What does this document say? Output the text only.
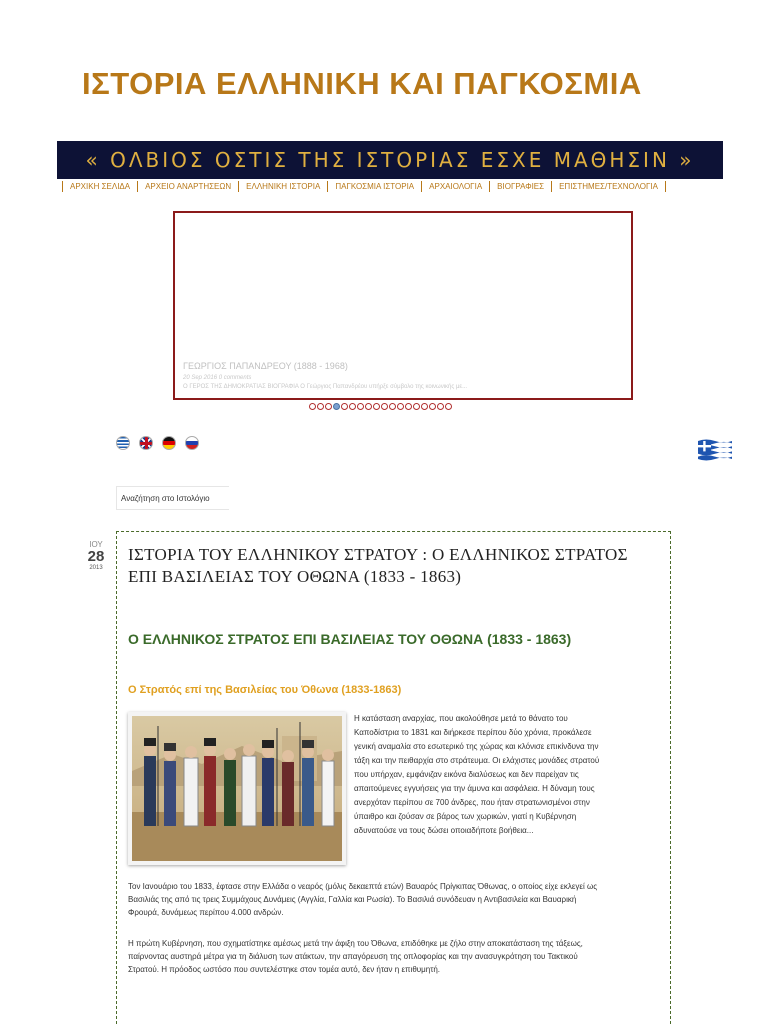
ΙΣΤΟΡΙΑ ΕΛΛΗΝΙΚΗ ΚΑΙ ΠΑΓΚΟΣΜΙΑ
« ΟΛΒΙΟΣ ΟΣΤΙΣ ΤΗΣ ΙΣΤΟΡΙΑΣ ΕΣΧΕ ΜΑΘΗΣΙΝ »
ΑΡΧΙΚΗ ΣΕΛΙΔΑ	ΑΡΧΕΙΟ ΑΝΑΡΤΗΣΕΩΝ	ΕΛΛΗΝΙΚΗ ΙΣΤΟΡΙΑ	ΠΑΓΚΟΣΜΙΑ ΙΣΤΟΡΙΑ	ΑΡΧΑΙΟΛΟΓΙΑ	ΒΙΟΓΡΑΦΙΕΣ	ΕΠΙΣΤΗΜΕΣ/ΤΕΧΝΟΛΟΓΙΑ
ΓΕΩΡΓΙΟΣ ΠΑΠΑΝΔΡΕΟΥ (1888 - 1968)
20 Sep 2016 0 comments
Ο ΓΕΡΟΣ ΤΗΣ ΔΗΜΟΚΡΑΤΙΑΣ ΒΙΟΓΡΑΦΙΑ Ο Γεώργιος Παπανδρέου υπήρξε σύμβολο της κοινωνικής με...
Αναζήτηση στο Ιστολόγιο
ΙΟΥ
28
2013
ΙΣΤΟΡΙΑ ΤΟΥ ΕΛΛΗΝΙΚΟΥ ΣΤΡΑΤΟΥ : Ο ΕΛΛΗΝΙΚΟΣ ΣΤΡΑΤΟΣ ΕΠΙ ΒΑΣΙΛΕΙΑΣ ΤΟΥ ΟΘΩΝΑ (1833 - 1863)
Ο ΕΛΛΗΝΙΚΟΣ ΣΤΡΑΤΟΣ ΕΠΙ ΒΑΣΙΛΕΙΑΣ ΤΟΥ ΟΘΩΝΑ (1833 - 1863)
Ο Στρατός επί της Βασιλείας του Όθωνα (1833-1863)
Η κατάσταση αναρχίας, που ακολούθησε μετά το θάνατο του Καποδίστρια το 1831 και διήρκεσε περίπου δύο χρόνια, προκάλεσε γενική αναμαλία στο εσωτερικό της χώρας και κλόνισε επικίνδυνα την τάξη και την πειθαρχία στο στράτευμα. Οι ελάχιστες μονάδες στρατού που υπήρχαν, εμφάνιζαν εικόνα διαλύσεως και δεν παρείχαν τις απαιτούμενες εγγυήσεις για την άμυνα και ασφάλεια. Η δύναμη τους ανερχόταν περίπου σε 700 άνδρες, που ήταν στρατωνισμένοι στην ύπαιθρο και ζούσαν σε βάρος των χωρικών, γιατί η Κυβέρνηση αδυνατούσε να τους δώσει οποιαδήποτε βοήθεια...

Τον Ιανουάριο του 1833, έφτασε στην Ελλάδα ο νεαρός (μόλις δεκαεπτά ετών) Βαυαρός Πρίγκιπας Όθωνας, ο οποίος είχε εκλεγεί ως Βασιλιάς της από τις τρεις Συμμάχους Δυνάμεις (Αγγλία, Γαλλία και Ρωσία). Το Βασιλιά συνόδευαν η Αντιβασιλεία και Βαυαρική Φρουρά, δυνάμεως περίπου 4.000 ανδρών.

Η πρώτη Κυβέρνηση, που σχηματίστηκε αμέσως μετά την άφιξη του Όθωνα, επιδόθηκε με ζήλο στην αποκατάσταση της τάξεως, παίρνοντας αυστηρά μέτρα για τη διάλυση των ατάκτων, την απαγόρευση της οπλοφορίας και την ανασυγκρότηση του Τακτικού Στρατού. Η πρόοδος ωστόσο που συντελέστηκε στον τομέα αυτό, δεν ήταν η επιθυμητή.
